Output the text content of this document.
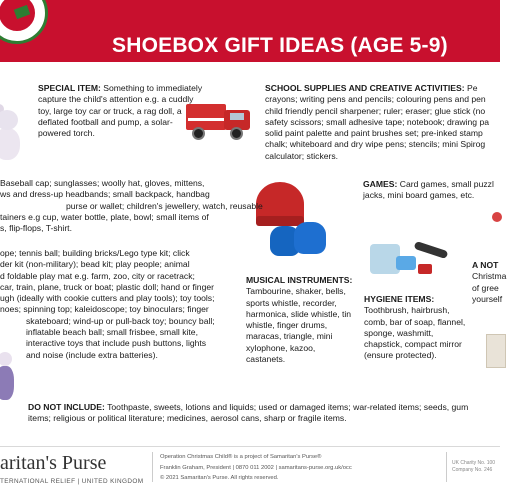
SHOEBOX GIFT IDEAS (AGE 5-9)
SPECIAL ITEM: Something to immediately capture the child's attention e.g. a cuddly toy, large toy car or truck, a rag doll, a deflated football and pump, a solar-powered torch.
SCHOOL SUPPLIES AND CREATIVE ACTIVITIES: Pe
crayons; writing pens and pencils; colouring pens and pen
child friendly pencil sharpener; ruler; eraser; glue stick (no
safety scissors; small adhesive tape; notebook; drawing pa
solid paint palette and paint brushes set; pre-inked stamp
chalk; whiteboard and dry wipe pens; stencils; mini Spirog
calculator; stickers.
Baseball cap; sunglasses; woolly hat, gloves, mittens,
ws and dress-up headbands; small backpack, handbag
purse or wallet; children's jewellery, watch, reusable
tainers e.g cup, water bottle, plate, bowl; small items of
s, flip-flops, T-shirt.
GAMES: Card games, small puzzl
jacks, mini board games, etc.
ope; tennis ball; building bricks/Lego type kit; click
der kit (non-military); bead kit; play people; animal
d foldable play mat e.g. farm, zoo, city or racetrack;
car, train, plane, truck or boat; plastic doll; hand or finger
ugh (ideally with cookie cutters and play tools); toy tools;
noes; spinning top; kaleidoscope; toy binoculars; finger
skateboard; wind-up or pull-back toy; bouncy ball;
inflatable beach ball; small frisbee, small kite,
interactive toys that include push buttons, lights
and noise (include extra batteries).
MUSICAL INSTRUMENTS:
Tambourine, shaker, bells, sports whistle, recorder, harmonica, slide whistle, tin whistle, finger drums, maracas, triangle, mini xylophone, kazoo, castanets.
HYGIENE ITEMS:
Toothbrush, hairbrush, comb, bar of soap, flannel, sponge, washmitt, chapstick, compact mirror (ensure protected).
A NOT
Christma
of gree
yourself
DO NOT INCLUDE: Toothpaste, sweets, lotions and liquids; used or damaged items; war-related items; seeds, gum
items; religious or political literature; medicines, aerosol cans, sharp or fragile items.
aritan's Purse
TERNATIONAL RELIEF | UNITED KINGDOM
Operation Christmas Child® is a project of Samaritan's Purse®
Franklin Graham, President | 0870 011 2002 | samaritans-purse.org.uk/occ
© 2021 Samaritan's Purse. All rights reserved.
UK Charity No. 100
Company No. 246
